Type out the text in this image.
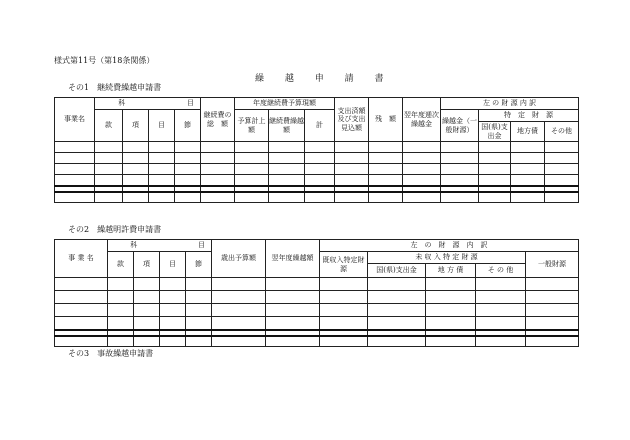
様式第11号（第18条関係）
繰 越 申 請 書
その1　継続費繰越申請書
事業名	科		目		継続費の総　額	年度継続費予算現額			支出済額及び支出見込額	残　額	翌年度逓次繰越金	左 の 財 源 内 訳			
	款	項	目	節		予算計上額	継続費繰越額	計				繰越金（一般財源）	特　定　財　源		
													国(県)支出金	地方債	その他

その2　繰越明許費申請書
事 業 名	科		目		歳出予算額	翌年度繰越額	左　の　財　源　内　訳				
	款	項	目	節			既収入特定財源	未 収 入 特 定 財 源			一般財源
								国(県)支出金	地 方 債	そ の 他	

その3　事故繰越申請書
